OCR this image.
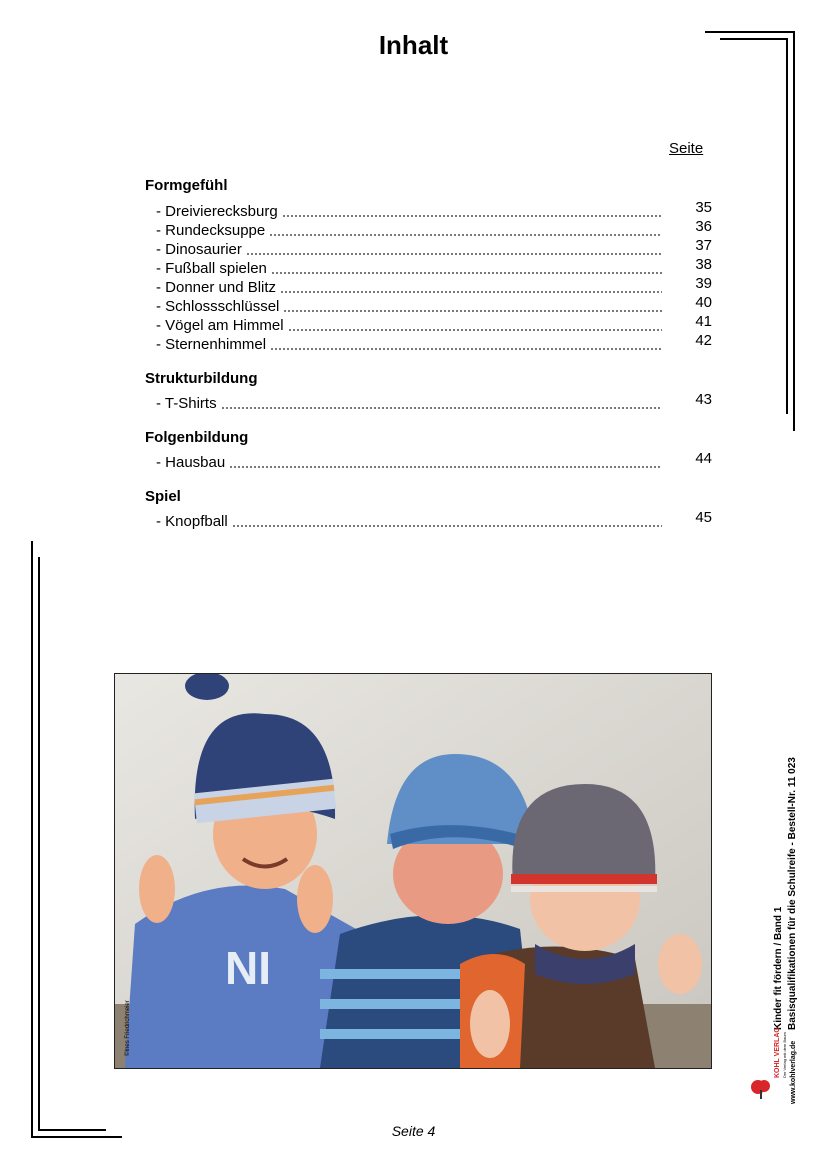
Inhalt
Seite
Formgefühl
- Dreivierecksburg	35
- Rundecksuppe	36
- Dinosaurier	37
- Fußball spielen	38
- Donner und Blitz	39
- Schlossschlüssel	40
- Vögel am Himmel	41
- Sternenhimmel	42
Strukturbildung
- T-Shirts	43
Folgenbildung
- Hausbau	44
Spiel
- Knopfball	45
NI
©Ines Friedrichmeier	Basisqualifikationen für die Schulreife - Bestell-Nr. 11 023
Kinder fit fördern / Band 1
KOHL VERLAG Der Verlag mit dem Baum www.kohlverlag.de
Seite 4
